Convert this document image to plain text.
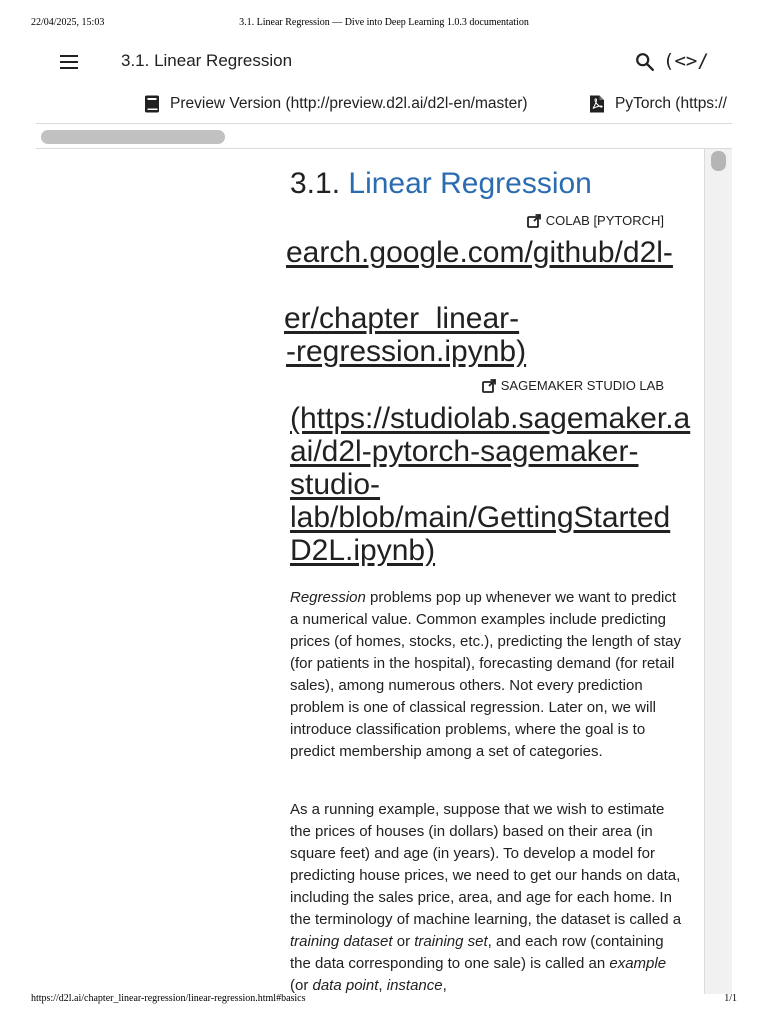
22/04/2025, 15:03	3.1. Linear Regression — Dive into Deep Learning 1.0.3 documentation
3.1. Linear Regression	(<>/
Preview Version (http://preview.d2l.ai/d2l-en/master)	PyTorch (https://
3.1. Linear Regression
COLAB [PYTORCH]
earch.google.com/github/d2l-
er/chapter_linear-
-regression.ipynb)
SAGEMAKER STUDIO LAB
(https://studiolab.sagemaker.a
ai/d2l-pytorch-sagemaker-
studio-
lab/blob/main/GettingStarted
D2L.ipynb)

Regression problems pop up whenever we want to predict a numerical value. Common examples include predicting prices (of homes, stocks, etc.), predicting the length of stay (for patients in the hospital), forecasting demand (for retail sales), among numerous others. Not every prediction problem is one of classical regression. Later on, we will introduce classification problems, where the goal is to predict membership among a set of categories.

As a running example, suppose that we wish to estimate the prices of houses (in dollars) based on their area (in square feet) and age (in years). To develop a model for predicting house prices, we need to get our hands on data, including the sales price, area, and age for each home. In the terminology of machine learning, the dataset is called a training dataset or training set, and each row (containing the data corresponding to one sale) is called an example (or data point, instance,

https://d2l.ai/chapter_linear-regression/linear-regression.html#basics	1/1
